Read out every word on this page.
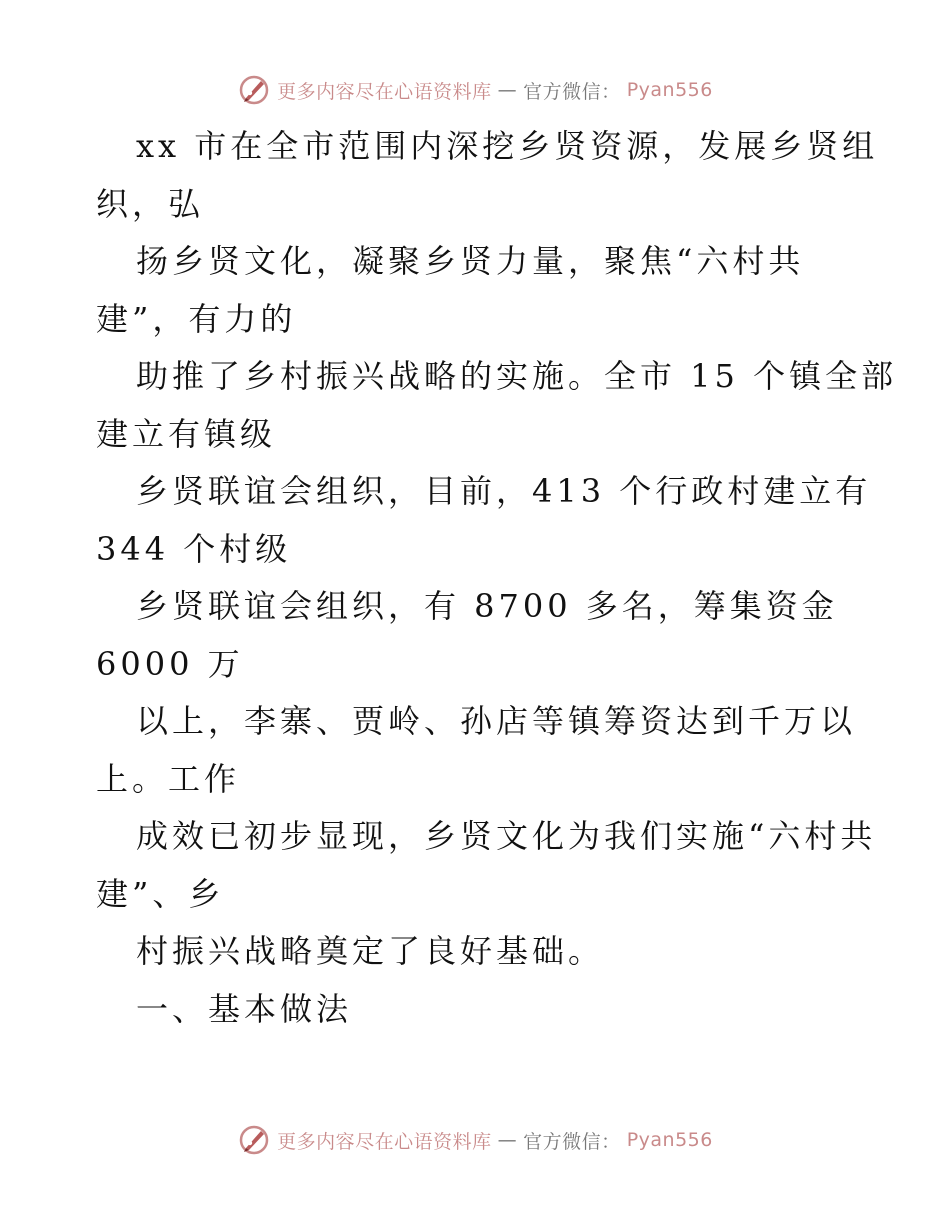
更多内容尽在心语资料库 — 官方微信： Pyan556
xx 市在全市范围内深挖乡贤资源，发展乡贤组
织，弘
扬乡贤文化，凝聚乡贤力量，聚焦“六村共
建”，有力的
助推了乡村振兴战略的实施。全市 15 个镇全部
建立有镇级
乡贤联谊会组织，目前，413 个行政村建立有
344 个村级
乡贤联谊会组织，有 8700 多名，筹集资金
6000 万
以上，李寨、贾岭、孙店等镇筹资达到千万以
上。工作
成效已初步显现，乡贤文化为我们实施“六村共
建”、乡
村振兴战略奠定了良好基础。
一、基本做法
更多内容尽在心语资料库 — 官方微信： Pyan556
